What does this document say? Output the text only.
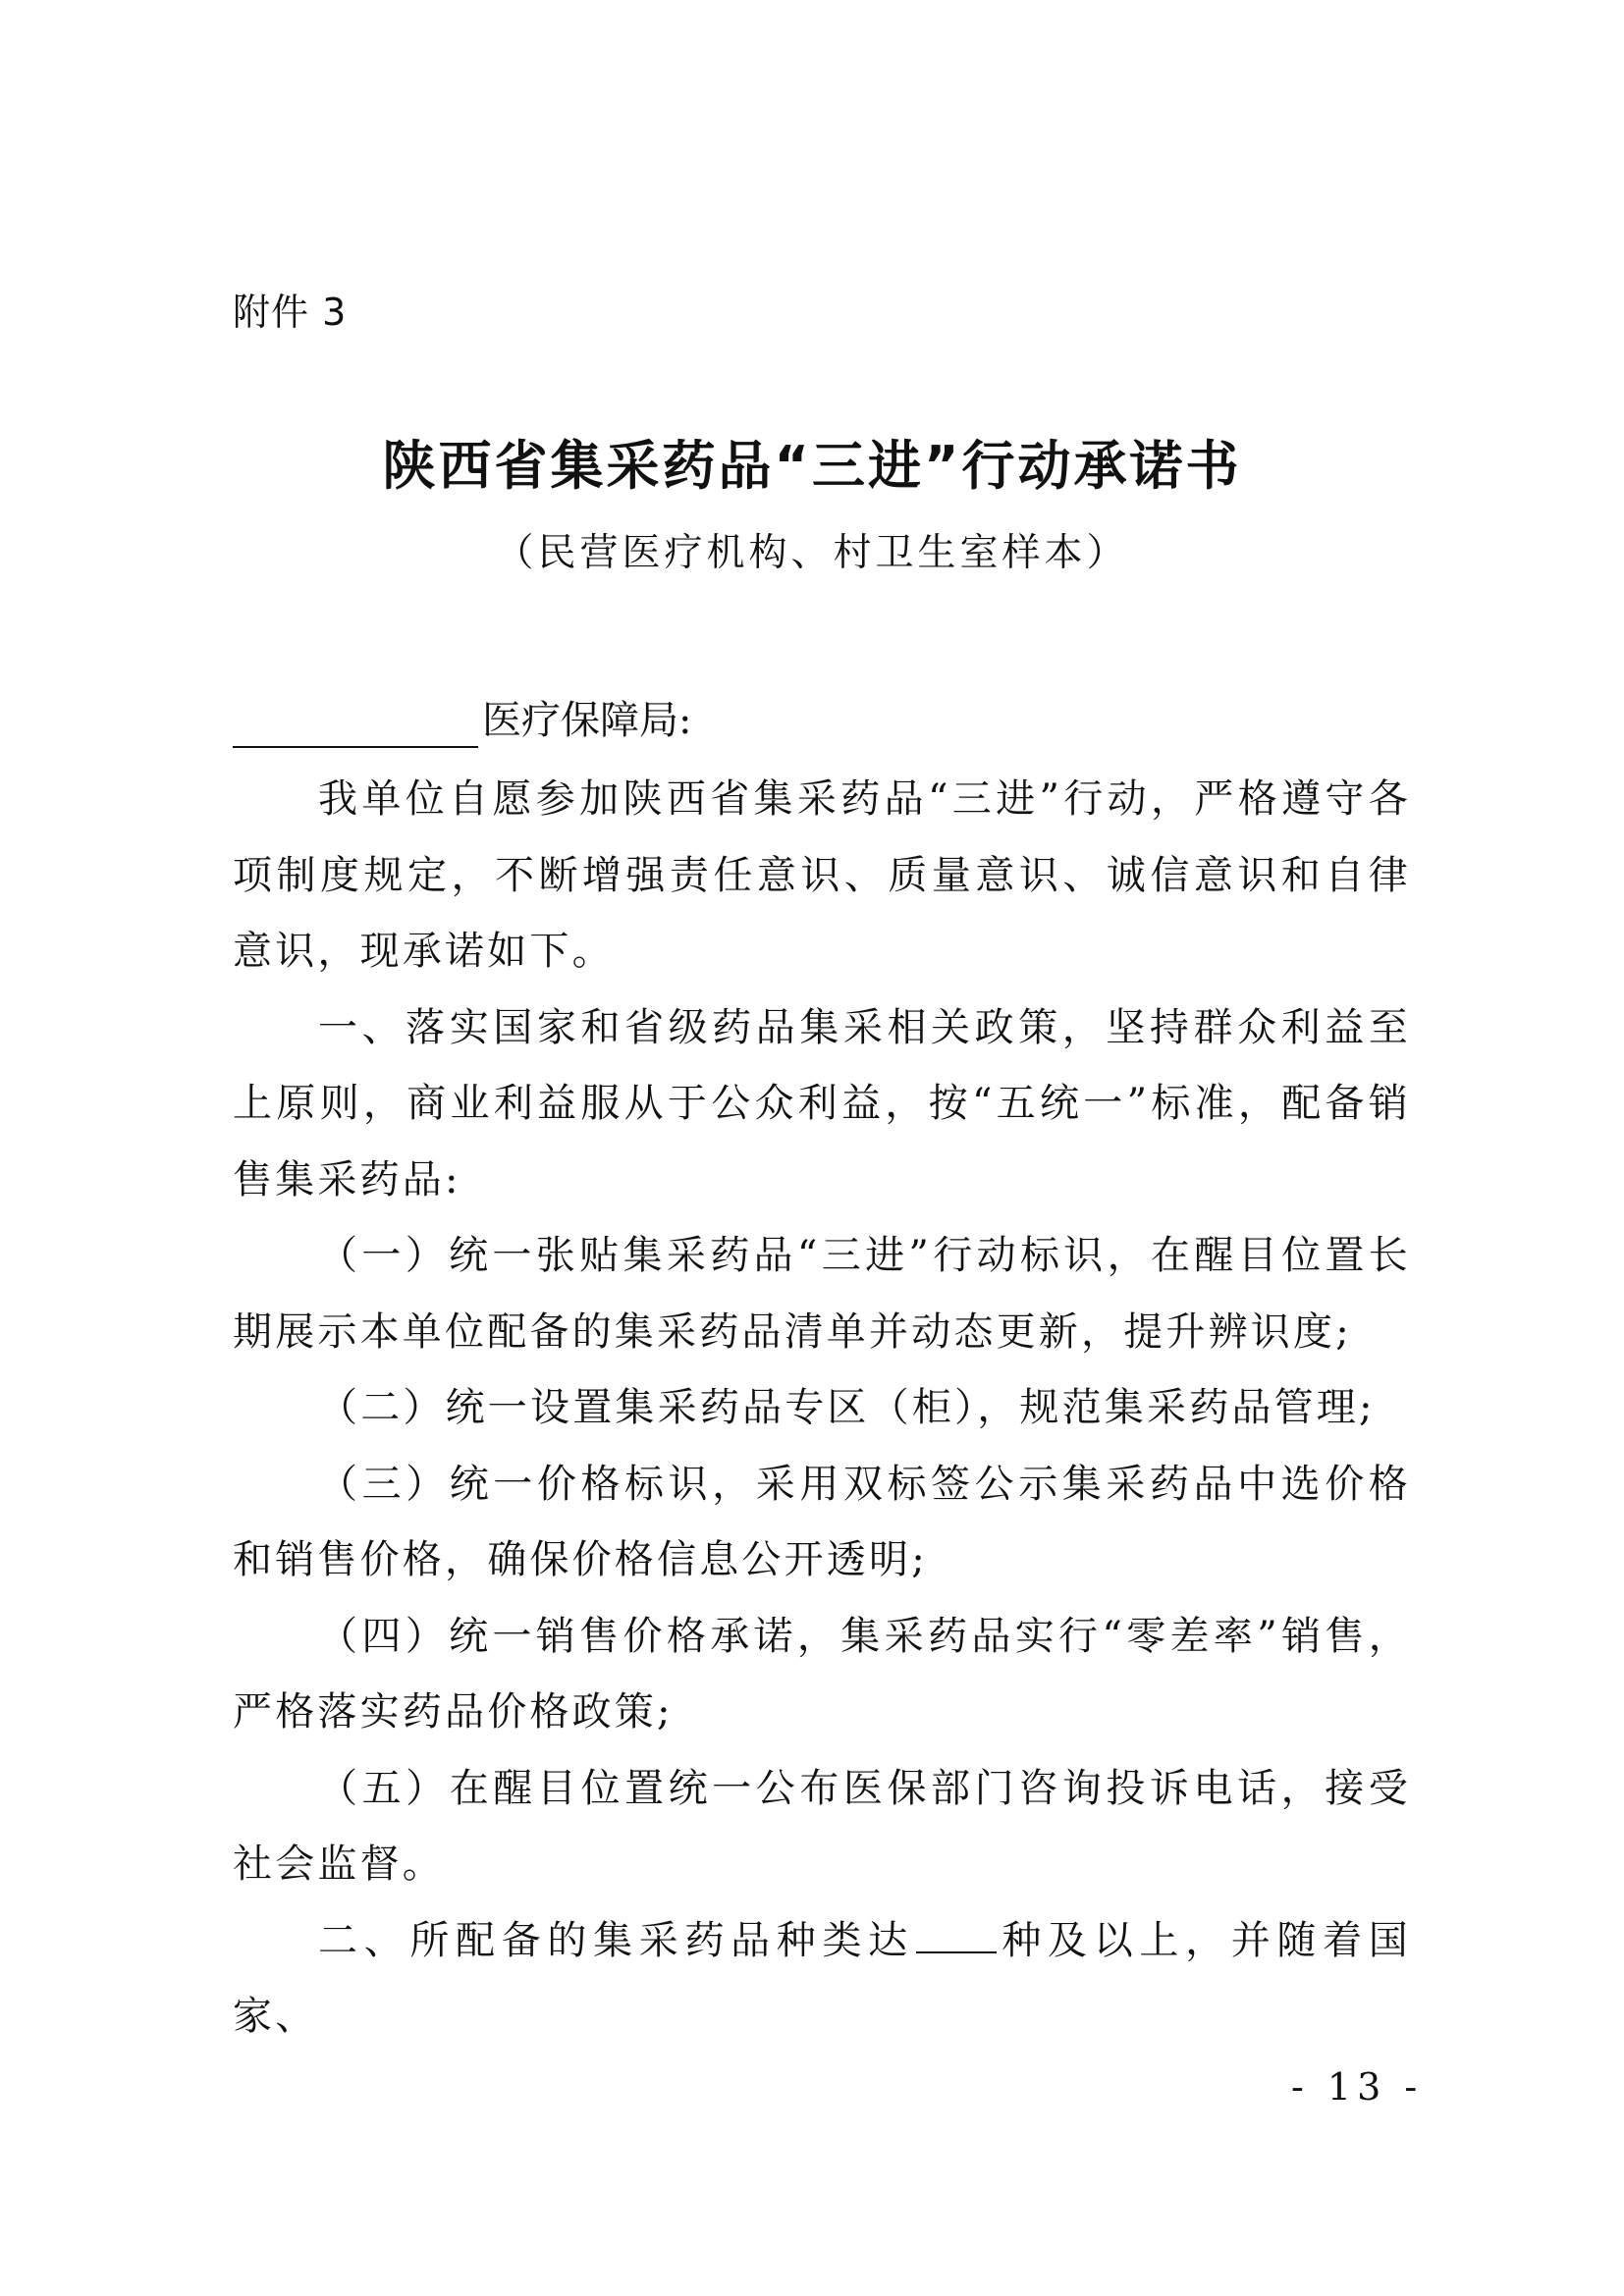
附件 3
陕西省集采药品“三进”行动承诺书
（民营医疗机构、村卫生室样本）
医疗保障局:

我单位自愿参加陕西省集采药品“三进”行动，严格遵守各项制度规定，不断增强责任意识、质量意识、诚信意识和自律意识，现承诺如下。

一、落实国家和省级药品集采相关政策，坚持群众利益至上原则，商业利益服从于公众利益，按“五统一”标准，配备销售集采药品:

（一）统一张贴集采药品“三进”行动标识，在醒目位置长期展示本单位配备的集采药品清单并动态更新，提升辨识度;

（二）统一设置集采药品专区（柜），规范集采药品管理;

（三）统一价格标识，采用双标签公示集采药品中选价格和销售价格，确保价格信息公开透明;

（四）统一销售价格承诺，集采药品实行“零差率”销售，严格落实药品价格政策;

（五）在醒目位置统一公布医保部门咨询投诉电话，接受社会监督。

二、所配备的集采药品种类达 种及以上，并随着国家、

- 13 -
